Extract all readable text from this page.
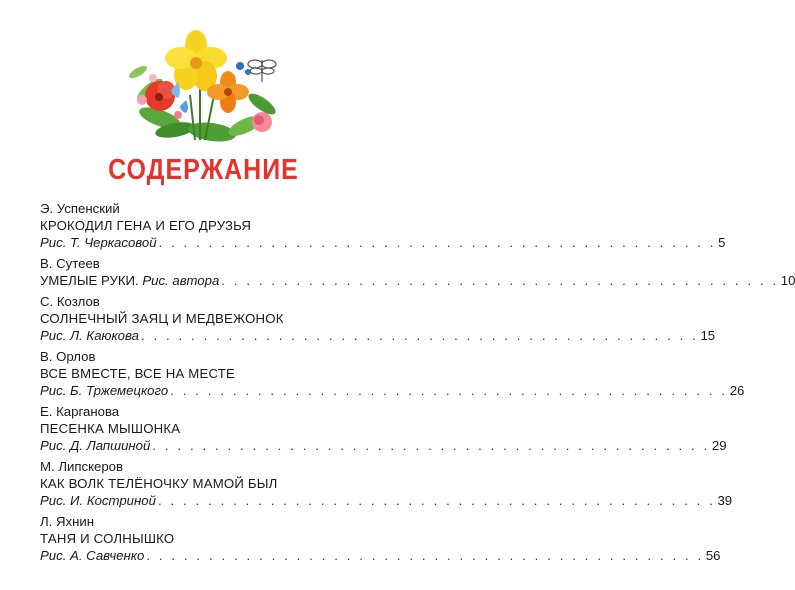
СОДЕРЖАНИЕ
Э. Успенский
КРОКОДИЛ ГЕНА И ЕГО ДРУЗЬЯ
Рис. Т. Черкасовой . . . . . . . . . . . . . . . . . . . . . . . . . . . . . . . . . . . . . . . . . . . . . 5
В. Сутеев
УМЕЛЫЕ РУКИ.
Рис. автора . . . . . . . . . . . . . . . . . . . . . . . . . . . . . . . . . . . . . . . . . . . . . 10
С. Козлов
СОЛНЕЧНЫЙ ЗАЯЦ И МЕДВЕЖОНОК
Рис. Л. Каюкова . . . . . . . . . . . . . . . . . . . . . . . . . . . . . . . . . . . . . . . . . . . . . 15
В. Орлов
ВСЕ ВМЕСТЕ, ВСЕ НА МЕСТЕ
Рис. Б. Тржемецкого . . . . . . . . . . . . . . . . . . . . . . . . . . . . . . . . . . . . . . . . . . . . . 26
Е. Карганова
ПЕСЕНКА МЫШОНКА
Рис. Д. Лапшиной . . . . . . . . . . . . . . . . . . . . . . . . . . . . . . . . . . . . . . . . . . . . . 29
М. Липскеров
КАК ВОЛК ТЕЛЁНОЧКУ МАМОЙ БЫЛ
Рис. И. Костриной . . . . . . . . . . . . . . . . . . . . . . . . . . . . . . . . . . . . . . . . . . . . . 39
Л. Яхнин
ТАНЯ И СОЛНЫШКО
Рис. А. Савченко . . . . . . . . . . . . . . . . . . . . . . . . . . . . . . . . . . . . . . . . . . . . . 56
